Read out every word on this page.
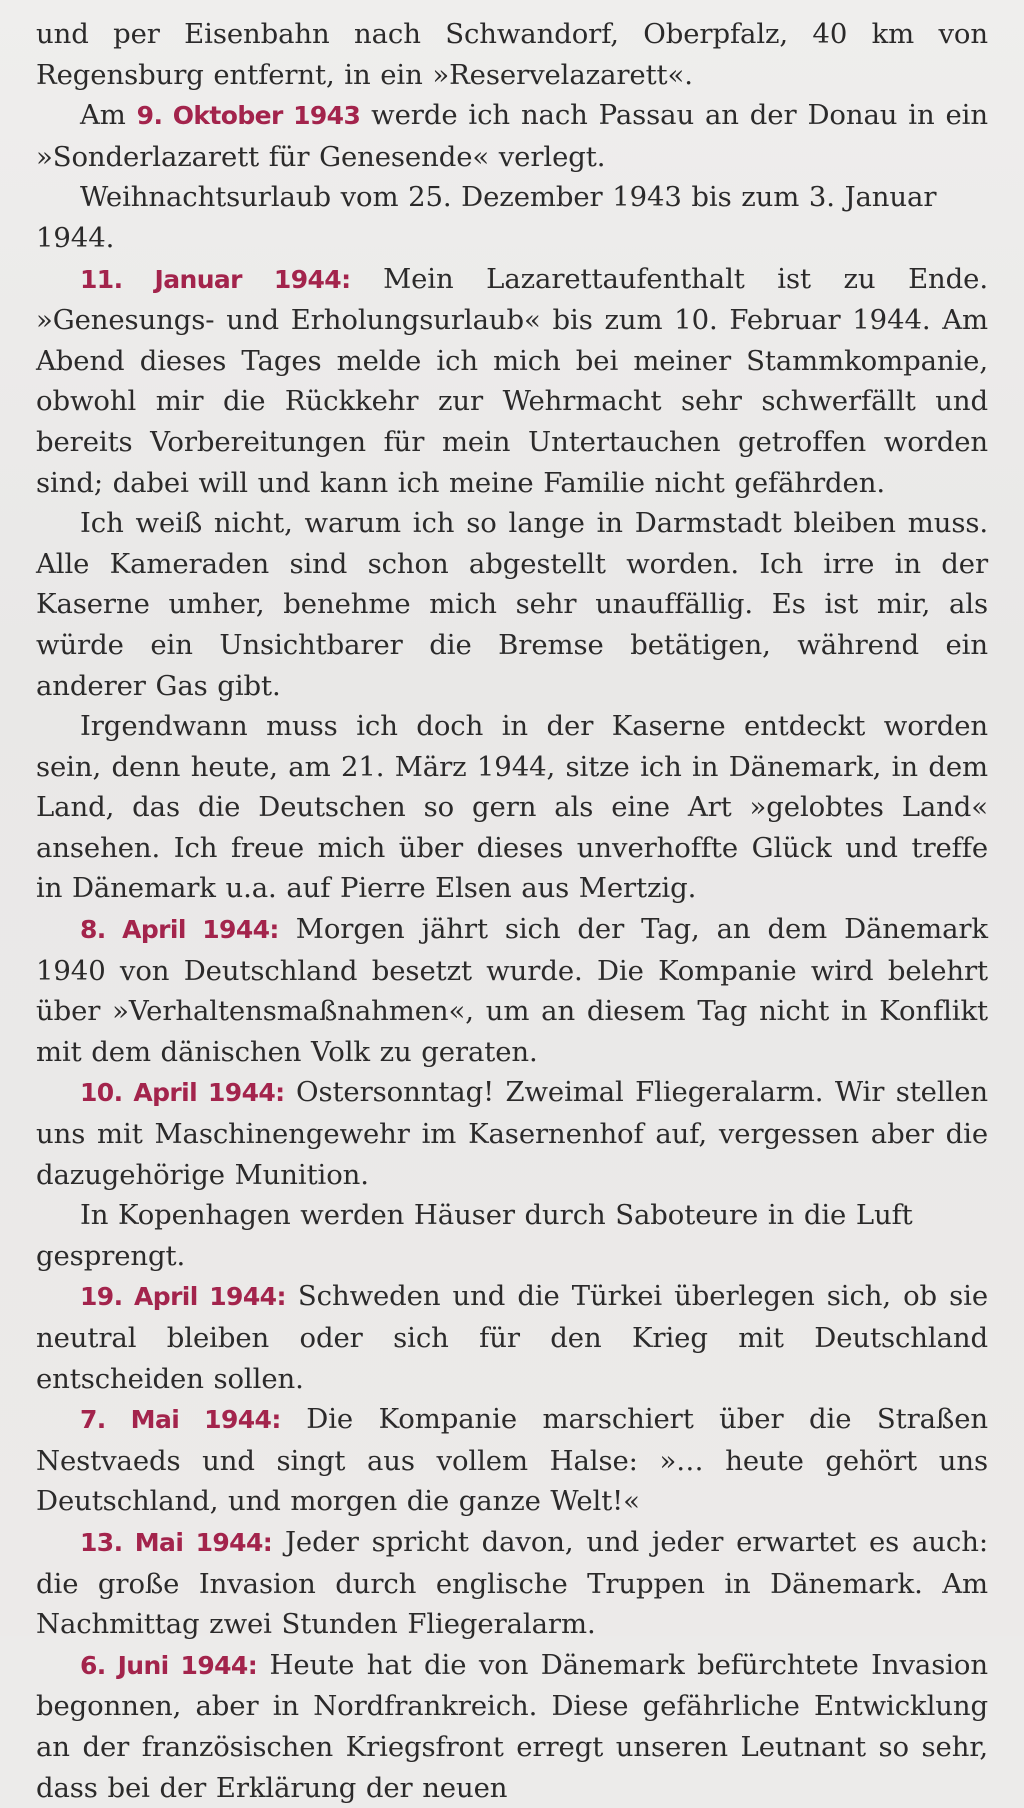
und per Eisenbahn nach Schwandorf, Oberpfalz, 40 km von Regensburg entfernt, in ein »Reservelazarett«.

Am 9. Oktober 1943 werde ich nach Passau an der Donau in ein »Sonderlazarett für Genesende« verlegt.

Weihnachtsurlaub vom 25. Dezember 1943 bis zum 3. Januar 1944.

11. Januar 1944: Mein Lazarettaufenthalt ist zu Ende. »Genesungs- und Erholungsurlaub« bis zum 10. Februar 1944. Am Abend dieses Tages melde ich mich bei meiner Stammkompanie, obwohl mir die Rückkehr zur Wehrmacht sehr schwerfällt und bereits Vorbereitungen für mein Untertauchen getroffen worden sind; dabei will und kann ich meine Familie nicht gefährden.

Ich weiß nicht, warum ich so lange in Darmstadt bleiben muss. Alle Kameraden sind schon abgestellt worden. Ich irre in der Kaserne umher, benehme mich sehr unauffällig. Es ist mir, als würde ein Unsichtbarer die Bremse betätigen, während ein anderer Gas gibt.

Irgendwann muss ich doch in der Kaserne entdeckt worden sein, denn heute, am 21. März 1944, sitze ich in Dänemark, in dem Land, das die Deutschen so gern als eine Art »gelobtes Land« ansehen. Ich freue mich über dieses unverhoffte Glück und treffe in Dänemark u.a. auf Pierre Elsen aus Mertzig.

8. April 1944: Morgen jährt sich der Tag, an dem Dänemark 1940 von Deutschland besetzt wurde. Die Kompanie wird belehrt über »Verhaltensmaßnahmen«, um an diesem Tag nicht in Konflikt mit dem dänischen Volk zu geraten.

10. April 1944: Ostersonntag! Zweimal Fliegeralarm. Wir stellen uns mit Maschinengewehr im Kasernenhof auf, vergessen aber die dazugehörige Munition.

In Kopenhagen werden Häuser durch Saboteure in die Luft gesprengt.

19. April 1944: Schweden und die Türkei überlegen sich, ob sie neutral bleiben oder sich für den Krieg mit Deutschland entscheiden sollen.

7. Mai 1944: Die Kompanie marschiert über die Straßen Nestvaeds und singt aus vollem Halse: »… heute gehört uns Deutschland, und morgen die ganze Welt!«

13. Mai 1944: Jeder spricht davon, und jeder erwartet es auch: die große Invasion durch englische Truppen in Dänemark. Am Nachmittag zwei Stunden Fliegeralarm.

6. Juni 1944: Heute hat die von Dänemark befürchtete Invasion begonnen, aber in Nordfrankreich. Diese gefährliche Entwicklung an der französischen Kriegsfront erregt unseren Leutnant so sehr, dass bei der Erklärung der neuen
